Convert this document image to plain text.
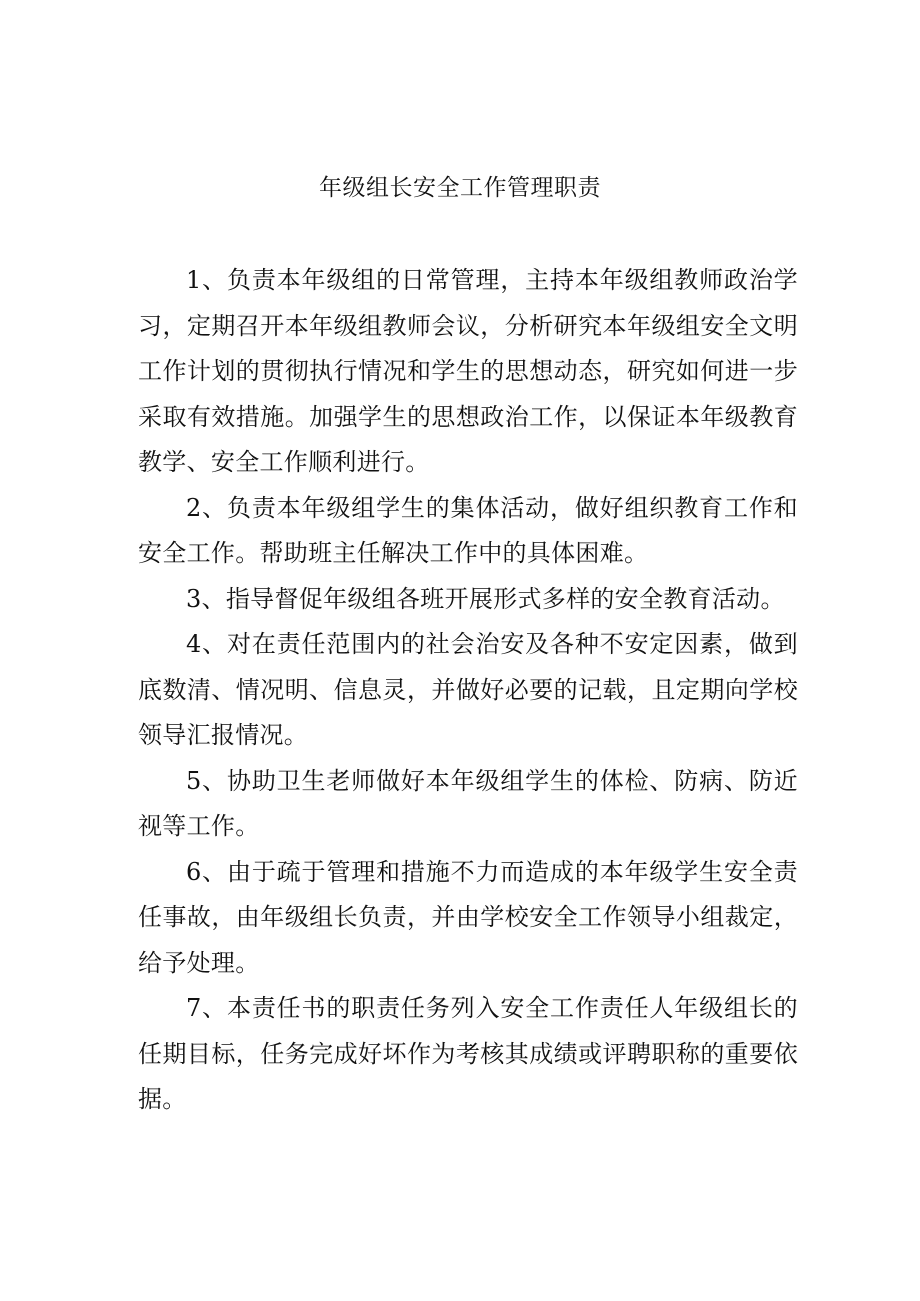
年级组长安全工作管理职责

1、负责本年级组的日常管理，主持本年级组教师政治学习，定期召开本年级组教师会议，分析研究本年级组安全文明工作计划的贯彻执行情况和学生的思想动态，研究如何进一步采取有效措施。加强学生的思想政治工作，以保证本年级教育教学、安全工作顺利进行。

2、负责本年级组学生的集体活动，做好组织教育工作和安全工作。帮助班主任解决工作中的具体困难。

3、指导督促年级组各班开展形式多样的安全教育活动。

4、对在责任范围内的社会治安及各种不安定因素，做到底数清、情况明、信息灵，并做好必要的记载，且定期向学校领导汇报情况。

5、协助卫生老师做好本年级组学生的体检、防病、防近视等工作。

6、由于疏于管理和措施不力而造成的本年级学生安全责任事故，由年级组长负责，并由学校安全工作领导小组裁定，给予处理。

7、本责任书的职责任务列入安全工作责任人年级组长的任期目标，任务完成好坏作为考核其成绩或评聘职称的重要依据。
